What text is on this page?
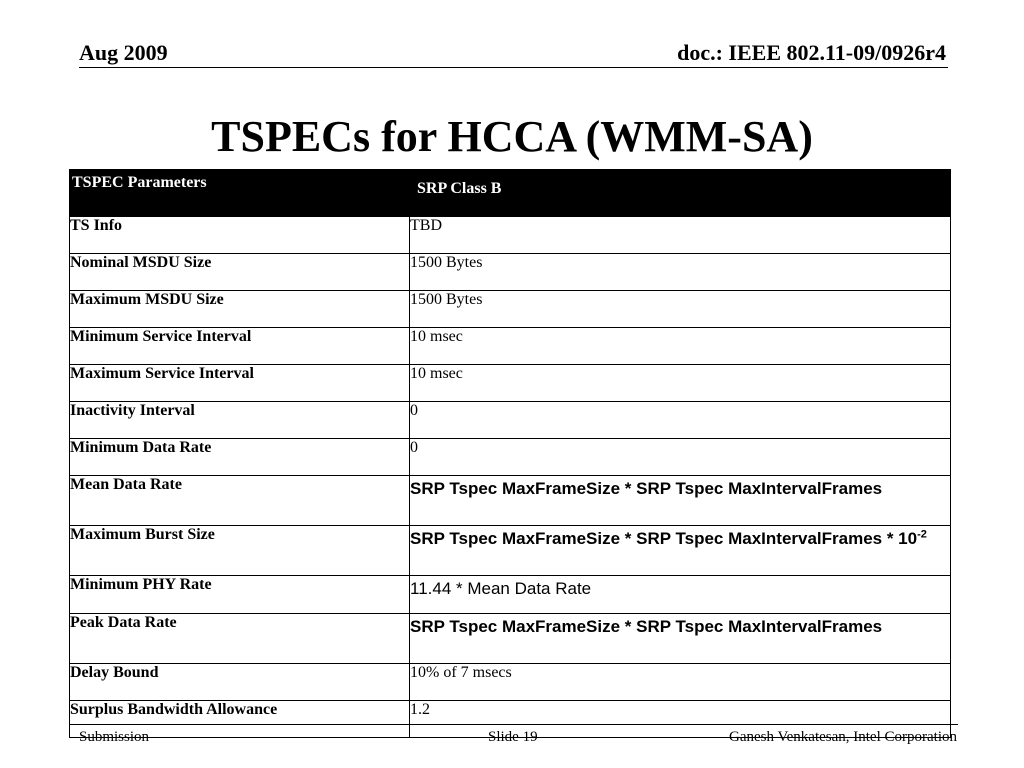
Aug 2009	doc.: IEEE 802.11-09/0926r4
TSPECs for HCCA (WMM-SA)
TSPEC Parameters	SRP Class B
TS Info	TBD
Nominal MSDU Size	1500 Bytes
Maximum MSDU Size	1500 Bytes
Minimum Service Interval	10 msec
Maximum Service Interval	10 msec
Inactivity Interval	0
Minimum Data Rate	0
Mean Data Rate	SRP Tspec MaxFrameSize * SRP Tspec MaxIntervalFrames
Maximum Burst Size	SRP Tspec MaxFrameSize * SRP Tspec MaxIntervalFrames * $10^{-2}$
Minimum PHY Rate	11.44 * Mean Data Rate
Peak Data Rate	SRP Tspec MaxFrameSize * SRP Tspec MaxIntervalFrames
Delay Bound	10% of 7 msecs
Surplus Bandwidth Allowance	1.2
Submission	Slide 19	Ganesh Venkatesan, Intel Corporation
